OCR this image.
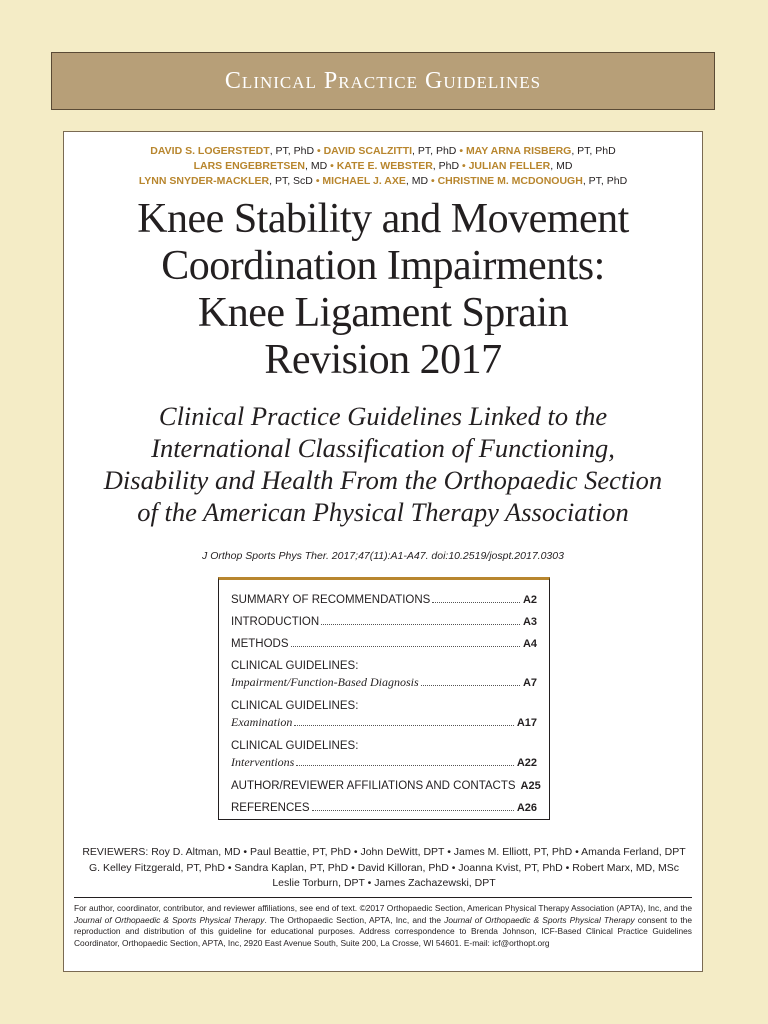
Clinical Practice Guidelines
DAVID S. LOGERSTEDT, PT, PhD • DAVID SCALZITTI, PT, PhD • MAY ARNA RISBERG, PT, PhD
LARS ENGEBRETSEN, MD • KATE E. WEBSTER, PhD • JULIAN FELLER, MD
LYNN SNYDER-MACKLER, PT, ScD • MICHAEL J. AXE, MD • CHRISTINE M. MCDONOUGH, PT, PhD
Knee Stability and Movement
Coordination Impairments:
Knee Ligament Sprain
Revision 2017
Clinical Practice Guidelines Linked to the
International Classification of Functioning,
Disability and Health From the Orthopaedic Section
of the American Physical Therapy Association
J Orthop Sports Phys Ther. 2017;47(11):A1-A47. doi:10.2519/jospt.2017.0303
SUMMARY OF RECOMMENDATIONS	A2
INTRODUCTION	A3
METHODS	A4
CLINICAL GUIDELINES:
Impairment/Function-Based Diagnosis	A7
CLINICAL GUIDELINES:
Examination	A17
CLINICAL GUIDELINES:
Interventions	A22
AUTHOR/REVIEWER AFFILIATIONS AND CONTACTS A25
REFERENCES	A26
REVIEWERS: Roy D. Altman, MD • Paul Beattie, PT, PhD • John DeWitt, DPT • James M. Elliott, PT, PhD • Amanda Ferland, DPT
G. Kelley Fitzgerald, PT, PhD • Sandra Kaplan, PT, PhD • David Killoran, PhD • Joanna Kvist, PT, PhD • Robert Marx, MD, MSc
Leslie Torburn, DPT • James Zachazewski, DPT
For author, coordinator, contributor, and reviewer affiliations, see end of text. ©2017 Orthopaedic Section, American Physical Therapy Association (APTA), Inc, and the Journal of Orthopaedic & Sports Physical Therapy. The Orthopaedic Section, APTA, Inc, and the Journal of Orthopaedic & Sports Physical Therapy consent to the reproduction and distribution of this guideline for educational purposes. Address correspondence to Brenda Johnson, ICF-Based Clinical Practice Guidelines Coordinator, Orthopaedic Section, APTA, Inc, 2920 East Avenue South, Suite 200, La Crosse, WI 54601. E-mail: icf@orthopt.org
